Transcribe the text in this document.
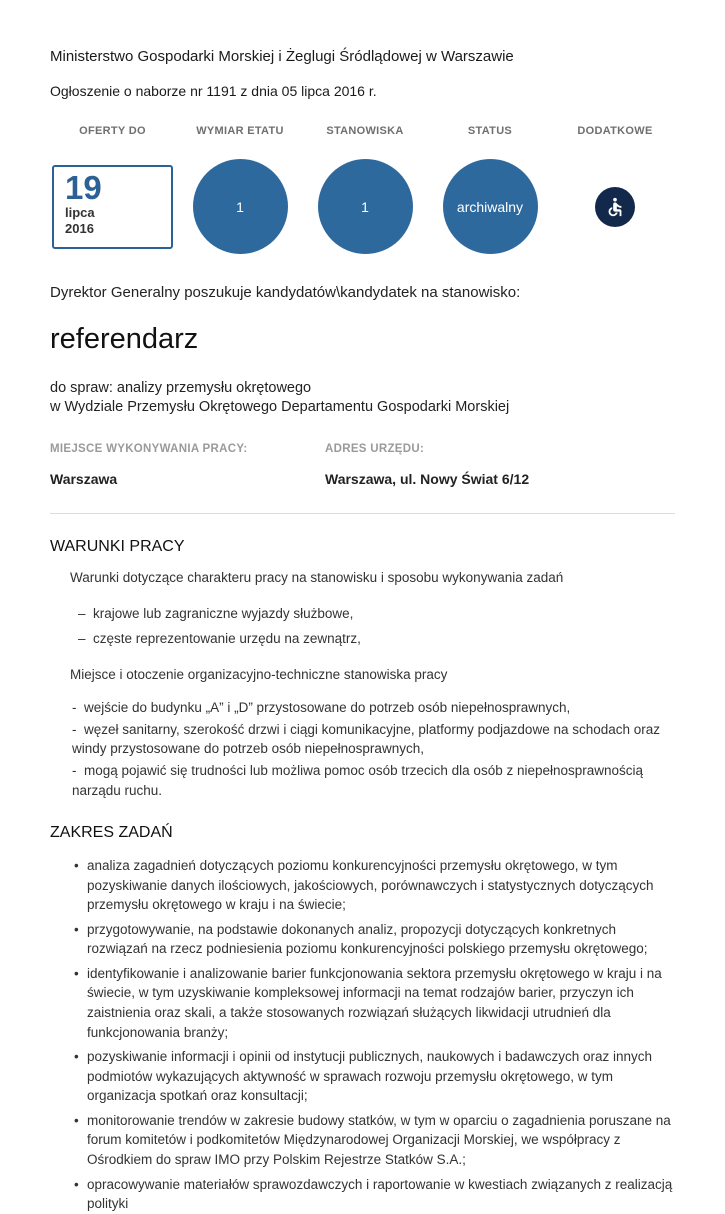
Ministerstwo Gospodarki Morskiej i Żeglugi Śródlądowej w Warszawie
Ogłoszenie o naborze nr 1191 z dnia 05 lipca 2016 r.
OFERTY DO
19
lipca
2016
WYMIAR ETATU
1
STANOWISKA
1
STATUS
archiwalny
DODATKOWE
Dyrektor Generalny poszukuje kandydatów\kandydatek na stanowisko:
referendarz
do spraw: analizy przemysłu okrętowego
w Wydziale Przemysłu Okrętowego Departamentu Gospodarki Morskiej
MIEJSCE WYKONYWANIA PRACY:
Warszawa
ADRES URZĘDU:
Warszawa, ul. Nowy Świat 6/12
WARUNKI PRACY
Warunki dotyczące charakteru pracy na stanowisku i sposobu wykonywania zadań
–  krajowe lub zagraniczne wyjazdy służbowe,
–  częste reprezentowanie urzędu na zewnątrz,
Miejsce i otoczenie organizacyjno-techniczne stanowiska pracy
-  wejście do budynku „A” i „D” przystosowane do potrzeb osób niepełnosprawnych,
-  węzeł sanitarny, szerokość drzwi i ciągi komunikacyjne, platformy podjazdowe na schodach oraz windy przystosowane do potrzeb osób niepełnosprawnych,
-  mogą pojawić się trudności lub możliwa pomoc osób trzecich dla osób z niepełnosprawnością narządu ruchu.
ZAKRES ZADAŃ
• analiza zagadnień dotyczących poziomu konkurencyjności przemysłu okrętowego, w tym pozyskiwanie danych ilościowych, jakościowych, porównawczych i statystycznych dotyczących przemysłu okrętowego w kraju i na świecie;
• przygotowywanie, na podstawie dokonanych analiz, propozycji dotyczących konkretnych rozwiązań na rzecz podniesienia poziomu konkurencyjności polskiego przemysłu okrętowego;
• identyfikowanie i analizowanie barier funkcjonowania sektora przemysłu okrętowego w kraju i na świecie, w tym uzyskiwanie kompleksowej informacji na temat rodzajów barier, przyczyn ich zaistnienia oraz skali, a także stosowanych rozwiązań służących likwidacji utrudnień dla funkcjonowania branży;
• pozyskiwanie informacji i opinii od instytucji publicznych, naukowych i badawczych oraz innych podmiotów wykazujących aktywność w sprawach rozwoju przemysłu okrętowego, w tym organizacja spotkań oraz konsultacji;
• monitorowanie trendów w zakresie budowy statków, w tym w oparciu o zagadnienia poruszane na forum komitetów i podkomitetów Międzynarodowej Organizacji Morskiej, we współpracy z Ośrodkiem do spraw IMO przy Polskim Rejestrze Statków S.A.;
• opracowywanie materiałów sprawozdawczych i raportowanie w kwestiach związanych z realizacją polityki
